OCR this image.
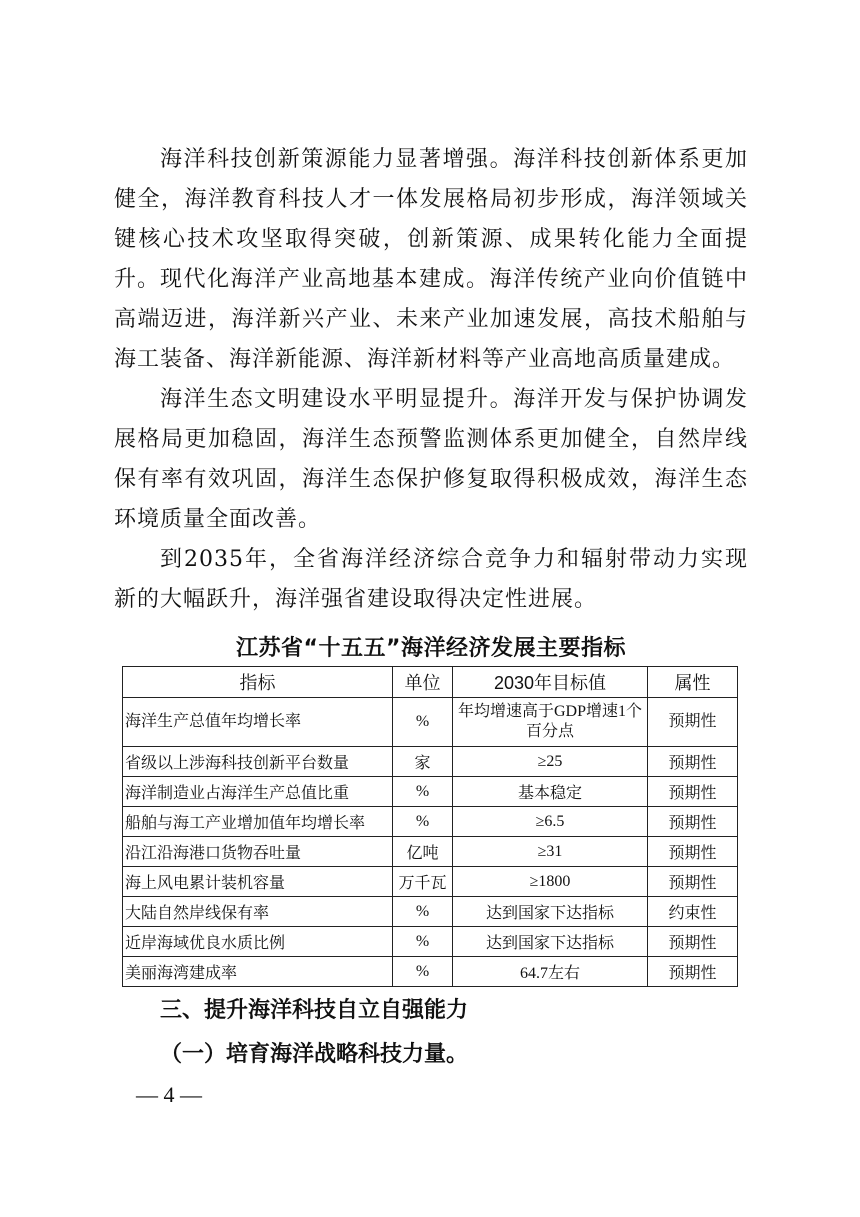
海洋科技创新策源能力显著增强。海洋科技创新体系更加健全，海洋教育科技人才一体发展格局初步形成，海洋领域关键核心技术攻坚取得突破，创新策源、成果转化能力全面提升。 现代化海洋产业高地基本建成。海洋传统产业向价值链中高端迈进，海洋新兴产业、未来产业加速发展，高技术船舶与海工装备、海洋新能源、海洋新材料等产业高地高质量建成。

海洋生态文明建设水平明显提升。海洋开发与保护协调发展格局更加稳固，海洋生态预警监测体系更加健全，自然岸线保有率有效巩固，海洋生态保护修复取得积极成效，海洋生态环境质量全面改善。

到2035年，全省海洋经济综合竞争力和辐射带动力实现新的大幅跃升，海洋强省建设取得决定性进展。

江苏省“十五五”海洋经济发展主要指标
指标	单位	2030年目标值	属性
海洋生产总值年均增长率	%	年均增速高于GDP增速1个百分点	预期性
省级以上涉海科技创新平台数量	家	≥25	预期性
海洋制造业占海洋生产总值比重	%	基本稳定	预期性
船舶与海工产业增加值年均增长率	%	≥6.5	预期性
沿江沿海港口货物吞吐量	亿吨	≥31	预期性
海上风电累计装机容量	万千瓦	≥1800	预期性
大陆自然岸线保有率	%	达到国家下达指标	约束性
近岸海域优良水质比例	%	达到国家下达指标	预期性
美丽海湾建成率	%	64.7左右	预期性
三、提升海洋科技自立自强能力
（一）培育海洋战略科技力量。
— 4 —
